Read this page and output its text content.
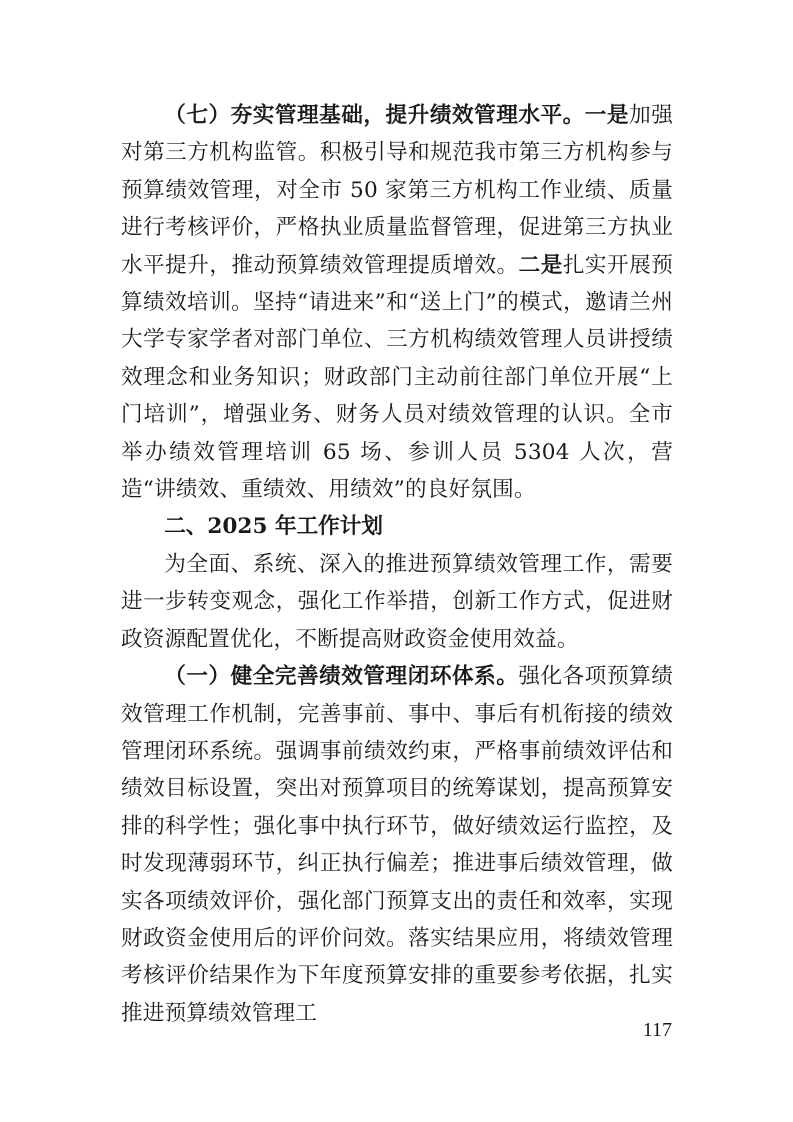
（七）夯实管理基础，提升绩效管理水平。一是加强对第三方机构监管。积极引导和规范我市第三方机构参与预算绩效管理，对全市 50 家第三方机构工作业绩、质量进行考核评价，严格执业质量监督管理，促进第三方执业水平提升，推动预算绩效管理提质增效。二是扎实开展预算绩效培训。坚持“请进来”和“送上门”的模式，邀请兰州大学专家学者对部门单位、三方机构绩效管理人员讲授绩效理念和业务知识；财政部门主动前往部门单位开展“上门培训”，增强业务、财务人员对绩效管理的认识。全市举办绩效管理培训 65 场、参训人员 5304 人次，营造“讲绩效、重绩效、用绩效”的良好氛围。

二、2025 年工作计划

为全面、系统、深入的推进预算绩效管理工作，需要进一步转变观念，强化工作举措，创新工作方式，促进财政资源配置优化，不断提高财政资金使用效益。

（一）健全完善绩效管理闭环体系。强化各项预算绩效管理工作机制，完善事前、事中、事后有机衔接的绩效管理闭环系统。强调事前绩效约束，严格事前绩效评估和绩效目标设置，突出对预算项目的统筹谋划，提高预算安排的科学性；强化事中执行环节，做好绩效运行监控，及时发现薄弱环节，纠正执行偏差；推进事后绩效管理，做实各项绩效评价，强化部门预算支出的责任和效率，实现财政资金使用后的评价问效。落实结果应用，将绩效管理考核评价结果作为下年度预算安排的重要参考依据，扎实推进预算绩效管理工

117
